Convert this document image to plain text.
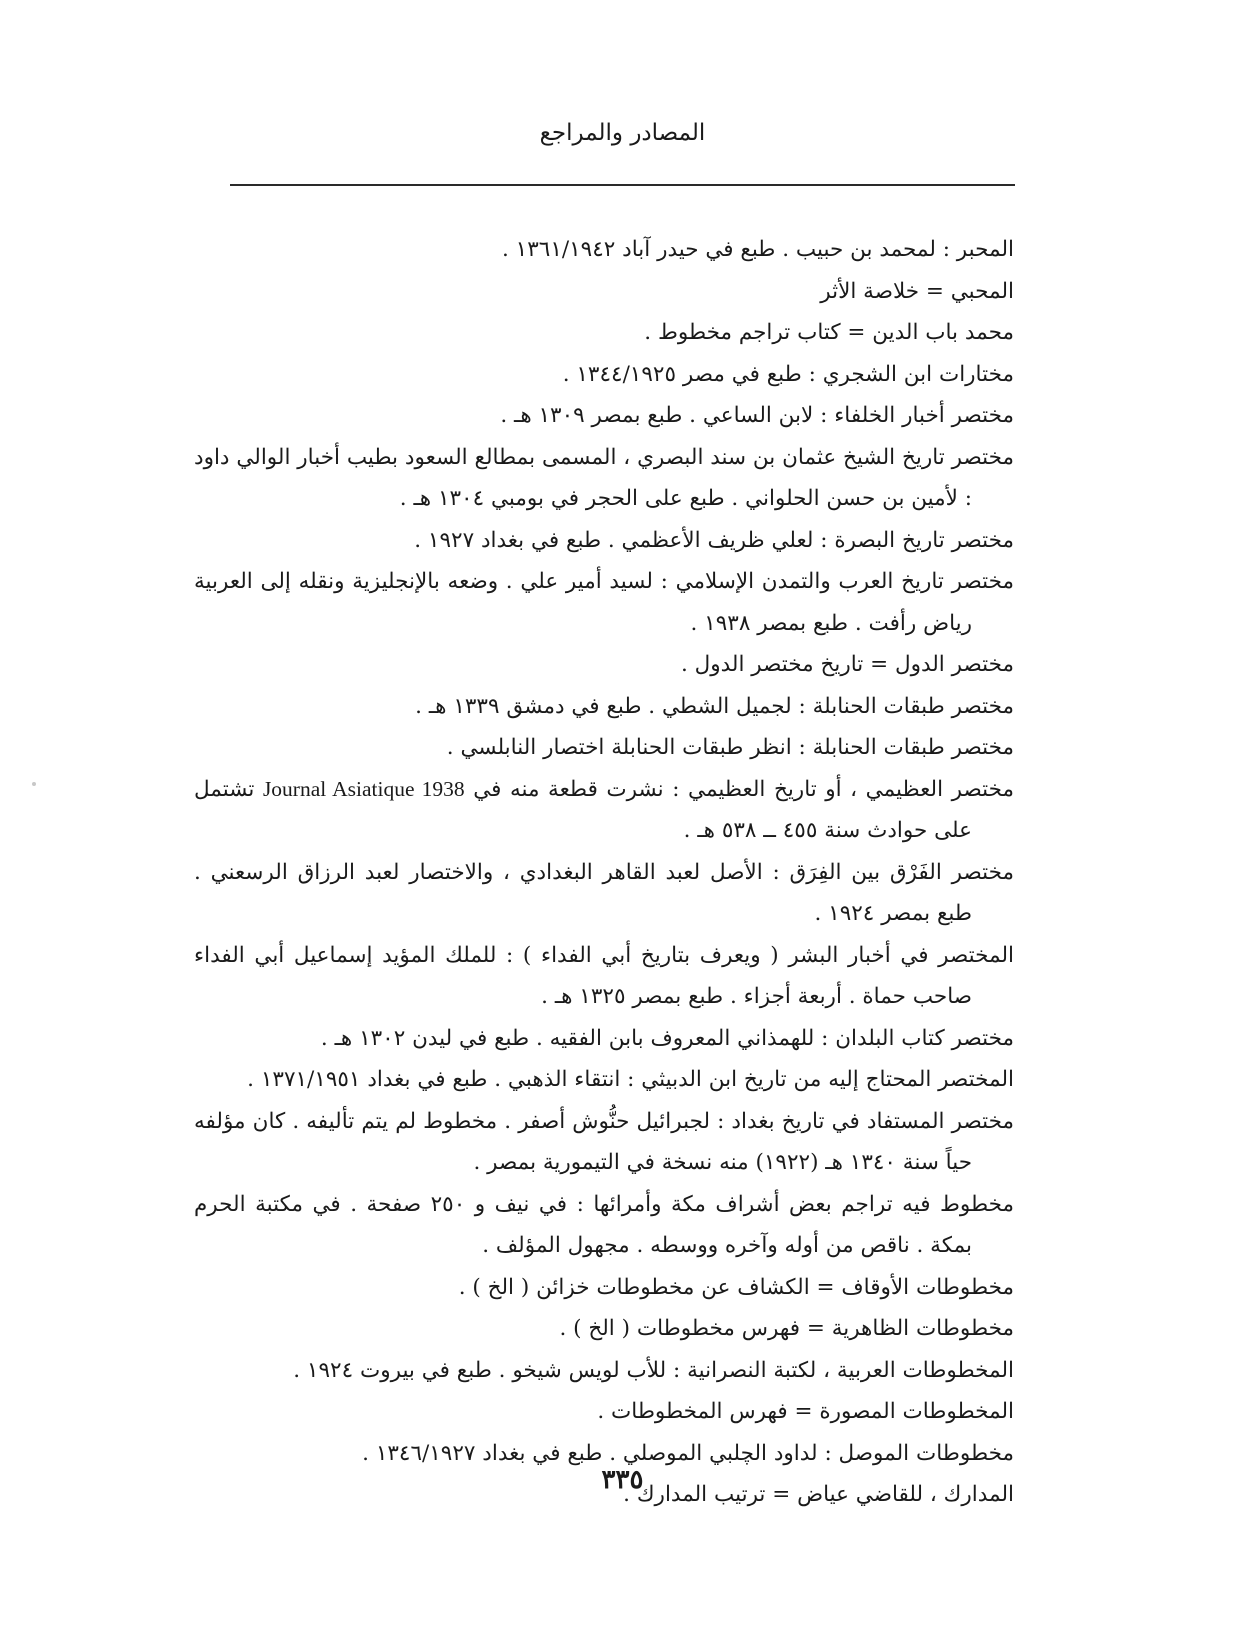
المصادر والمراجع

المحبر : لمحمد بن حبيب . طبع في حيدر آباد ١٣٦١/١٩٤٢ .

المحبي = خلاصة الأثر

محمد باب الدين = كتاب تراجم مخطوط .

مختارات ابن الشجري : طبع في مصر ١٣٤٤/١٩٢٥ .

مختصر أخبار الخلفاء : لابن الساعي . طبع بمصر ١٣٠٩ هـ .

مختصر تاريخ الشيخ عثمان بن سند البصري ، المسمى بمطالع السعود بطيب أخبار الوالي داود : لأمين بن حسن الحلواني . طبع على الحجر في بومبي ١٣٠٤ هـ .

مختصر تاريخ البصرة : لعلي ظريف الأعظمي . طبع في بغداد ١٩٢٧ .

مختصر تاريخ العرب والتمدن الإسلامي : لسيد أمير علي . وضعه بالإنجليزية ونقله إلى العربية رياض رأفت . طبع بمصر ١٩٣٨ .

مختصر الدول = تاريخ مختصر الدول .

مختصر طبقات الحنابلة : لجميل الشطي . طبع في دمشق ١٣٣٩ هـ .

مختصر طبقات الحنابلة : انظر طبقات الحنابلة اختصار النابلسي .

مختصر العظيمي ، أو تاريخ العظيمي : نشرت قطعة منه في Journal Asiatique 1938 تشتمل على حوادث سنة ٤٥٥ ــ ٥٣٨ هـ .

مختصر الفَرْق بين الفِرَق : الأصل لعبد القاهر البغدادي ، والاختصار لعبد الرزاق الرسعني . طبع بمصر ١٩٢٤ .

المختصر في أخبار البشر ( ويعرف بتاريخ أبي الفداء ) : للملك المؤيد إسماعيل أبي الفداء صاحب حماة . أربعة أجزاء . طبع بمصر ١٣٢٥ هـ .

مختصر كتاب البلدان : للهمذاني المعروف بابن الفقيه . طبع في ليدن ١٣٠٢ هـ .

المختصر المحتاج إليه من تاريخ ابن الدبيثي : انتقاء الذهبي . طبع في بغداد ١٣٧١/١٩٥١ .

مختصر المستفاد في تاريخ بغداد : لجبرائيل حنُّوش أصفر . مخطوط لم يتم تأليفه . كان مؤلفه حياً سنة ١٣٤٠ هـ (١٩٢٢) منه نسخة في التيمورية بمصر .

مخطوط فيه تراجم بعض أشراف مكة وأمرائها : في نيف و ٢٥٠ صفحة . في مكتبة الحرم بمكة . ناقص من أوله وآخره ووسطه . مجهول المؤلف .

مخطوطات الأوقاف = الكشاف عن مخطوطات خزائن ( الخ ) .

مخطوطات الظاهرية = فهرس مخطوطات ( الخ ) .

المخطوطات العربية ، لكتبة النصرانية : للأب لويس شيخو . طبع في بيروت ١٩٢٤ .

المخطوطات المصورة = فهرس المخطوطات .

مخطوطات الموصل : لداود الچلبي الموصلي . طبع في بغداد ١٣٤٦/١٩٢٧ .

المدارك ، للقاضي عياض = ترتيب المدارك .

٣٣٥
